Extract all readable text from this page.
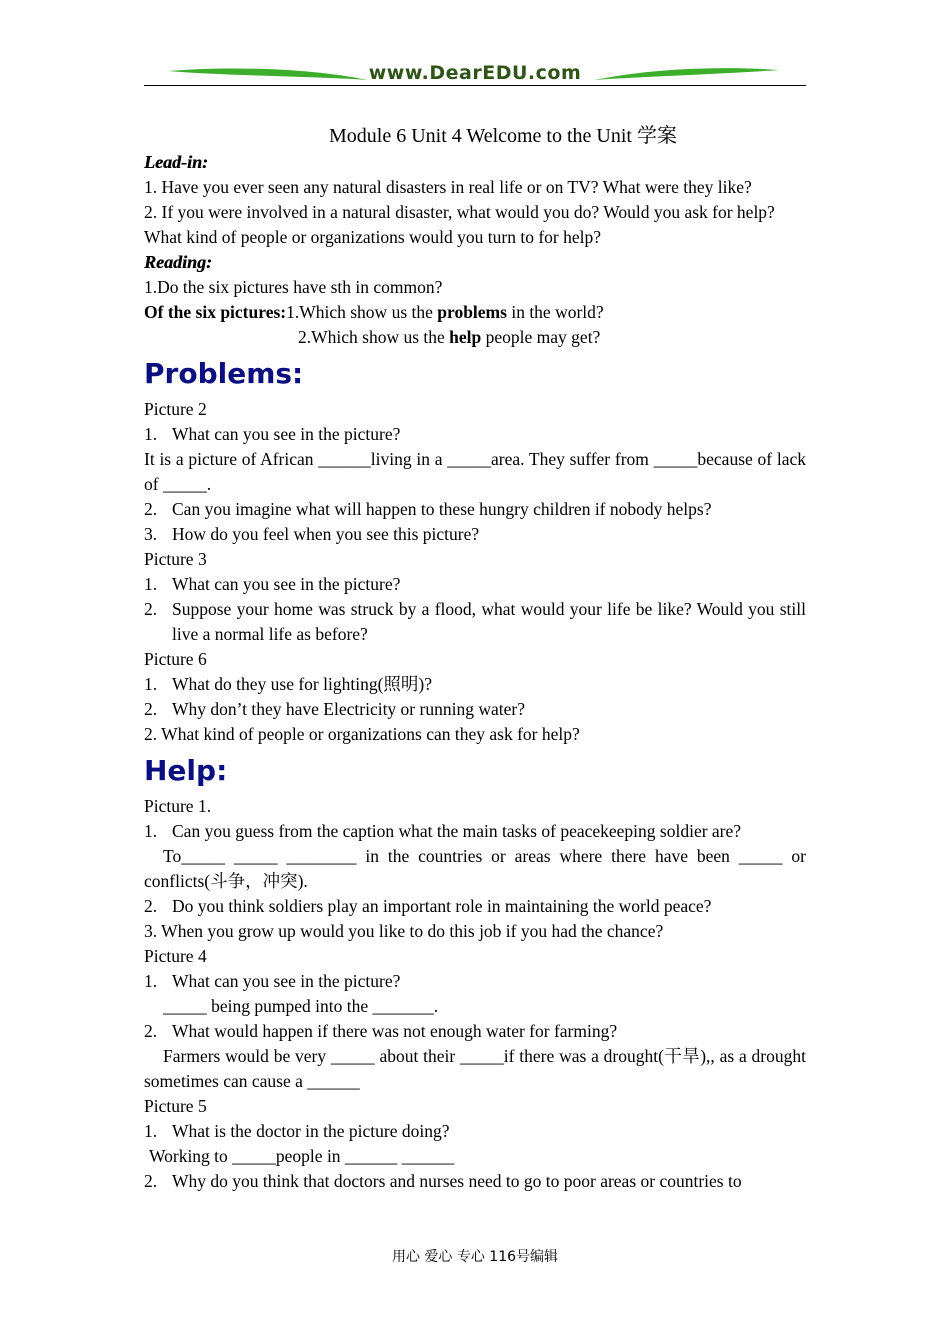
www.DearEDU.com

Module 6 Unit 4 Welcome to the Unit 学案

Lead-in:

1. Have you ever seen any natural disasters in real life or on TV? What were they like?

2. If you were involved in a natural disaster, what would you do? Would you ask for help? What kind of people or organizations would you turn to for help?

Reading:

1.Do the six pictures have sth in common?

Of the six pictures:1.Which show us the problems in the world?

2.Which show us the help people may get?

Problems:

Picture 2

1. What can you see in the picture?

It is a picture of African ______living in a _____area. They suffer from _____because of lack of _____.

2. Can you imagine what will happen to these hungry children if nobody helps?
3. How do you feel when you see this picture?

Picture 3

1. What can you see in the picture?
2. Suppose your home was struck by a flood, what would your life be like? Would you still live a normal life as before?

Picture 6

1. What do they use for lighting(照明)?
2. Why don’t they have Electricity or running water?

2. What kind of people or organizations can they ask for help?

Help:

Picture 1.

1. Can you guess from the caption what the main tasks of peacekeeping soldier are?

To_____ _____ ________ in the countries or areas where there have been _____ or conflicts(斗争，冲突).

2. Do you think soldiers play an important role in maintaining the world peace?

3. When you grow up would you like to do this job if you had the chance?

Picture 4

1. What can you see in the picture?

_____ being pumped into the _______.

2. What would happen if there was not enough water for farming?

Farmers would be very _____ about their _____if there was a drought(干旱),, as a drought sometimes can cause a ______

Picture 5

1. What is the doctor in the picture doing?

Working to _____people in ______ ______

2. Why do you think that doctors and nurses need to go to poor areas or countries to
用心 爱心 专心 116号编辑
